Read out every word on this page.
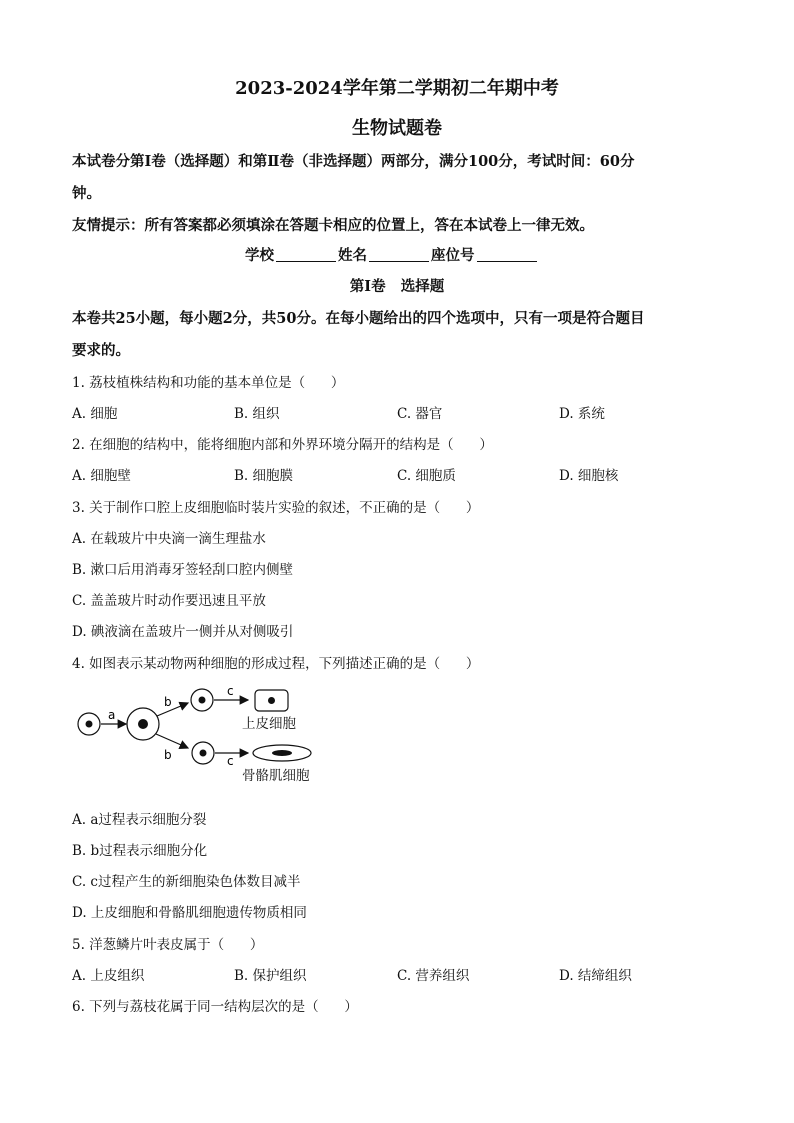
2023-2024学年第二学期初二年期中考
生物试题卷
本试卷分第Ⅰ卷（选择题）和第Ⅱ卷（非选择题）两部分，满分100分，考试时间：60分
钟。
友情提示：所有答案都必须填涂在答题卡相应的位置上，答在本试卷上一律无效。
学校	姓名	座位号
第Ⅰ卷   选择题
本卷共25小题，每小题2分，共50分。在每小题给出的四个选项中，只有一项是符合题目
要求的。
1. 荔枝植株结构和功能的基本单位是（      ）
A. 细胞	B. 组织	C. 器官	D. 系统
2. 在细胞的结构中，能将细胞内部和外界环境分隔开的结构是（      ）
A. 细胞壁	B. 细胞膜	C. 细胞质	D. 细胞核
3. 关于制作口腔上皮细胞临时装片实验的叙述，不正确的是（      ）
A. 在载玻片中央滴一滴生理盐水
B. 漱口后用消毒牙签轻刮口腔内侧壁
C. 盖盖玻片时动作要迅速且平放
D. 碘液滴在盖玻片一侧并从对侧吸引
4. 如图表示某动物两种细胞的形成过程，下列描述正确的是（      ）
a
b
c
b	c
上皮细胞
骨骼肌细胞
A. a过程表示细胞分裂
B. b过程表示细胞分化
C. c过程产生的新细胞染色体数目减半
D. 上皮细胞和骨骼肌细胞遗传物质相同
5. 洋葱鳞片叶表皮属于（      ）
A. 上皮组织	B. 保护组织	C. 营养组织	D. 结缔组织
6. 下列与荔枝花属于同一结构层次的是（      ）
